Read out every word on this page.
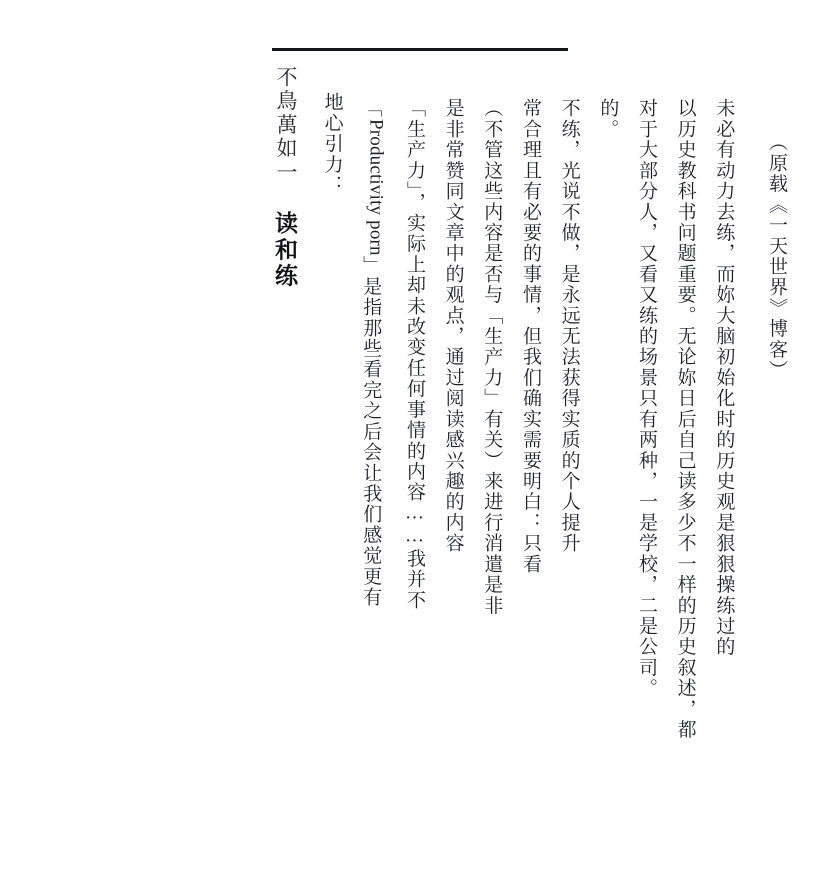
不鳥萬如一
读和练
地心引力： 「Productivity porn」是指那些看完之后会让我们感觉更有	「生产力」，实际上却未改变任何事情的内容……我并不 是非常赞同文章中的观点，通过阅读感兴趣的内容 （不管这些内容是否与「生产力」有关）来进行消遣是非 常合理且有必要的事情，但我们确实需要明白：只看 不练，光说不做，是永远无法获得实质的个人提升 的。 对于大部分人，又看又练的场景只有两种，一是学校，二是公司。 以历史教科书问题重要。无论妳日后自己读多少不一样的历史叙述，都 未必有动力去练，而妳大脑初始化时的历史观是狠狠操练过的	（原载《一天世界》博客）
